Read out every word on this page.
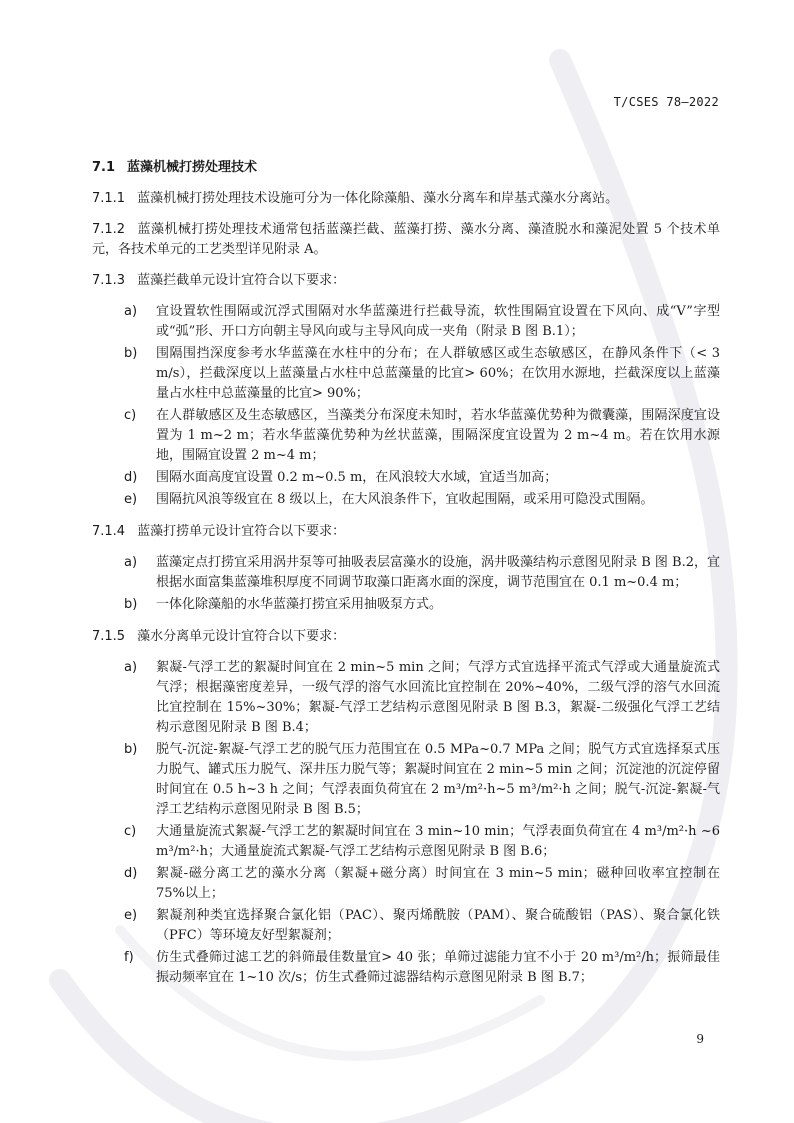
T/CSES 78—2022
7.1 蓝藻机械打捞处理技术

7.1.1 蓝藻机械打捞处理技术设施可分为一体化除藻船、藻水分离车和岸基式藻水分离站。

7.1.2 蓝藻机械打捞处理技术通常包括蓝藻拦截、蓝藻打捞、藻水分离、藻渣脱水和藻泥处置 5 个技术单元，各技术单元的工艺类型详见附录 A。

7.1.3 蓝藻拦截单元设计宜符合以下要求：

a) 宜设置软性围隔或沉浮式围隔对水华蓝藻进行拦截导流，软性围隔宜设置在下风向、成“V”字型或“弧”形、开口方向朝主导风向或与主导风向成一夹角（附录 B 图 B.1）；
b) 围隔围挡深度参考水华蓝藻在水柱中的分布；在人群敏感区或生态敏感区，在静风条件下（< 3 m/s），拦截深度以上蓝藻量占水柱中总蓝藻量的比宜> 60%；在饮用水源地，拦截深度以上蓝藻量占水柱中总蓝藻量的比宜> 90%；
c) 在人群敏感区及生态敏感区，当藻类分布深度未知时，若水华蓝藻优势种为微囊藻，围隔深度宜设置为 1 m~2 m；若水华蓝藻优势种为丝状蓝藻，围隔深度宜设置为 2 m~4 m。若在饮用水源地，围隔宜设置 2 m~4 m；
d) 围隔水面高度宜设置 0.2 m~0.5 m，在风浪较大水域，宜适当加高；
e) 围隔抗风浪等级宜在 8 级以上，在大风浪条件下，宜收起围隔，或采用可隐没式围隔。

7.1.4 蓝藻打捞单元设计宜符合以下要求：

a) 蓝藻定点打捞宜采用涡井泵等可抽吸表层富藻水的设施，涡井吸藻结构示意图见附录 B 图 B.2，宜根据水面富集蓝藻堆积厚度不同调节取藻口距离水面的深度，调节范围宜在 0.1 m~0.4 m；
b) 一体化除藻船的水华蓝藻打捞宜采用抽吸泵方式。

7.1.5 藻水分离单元设计宜符合以下要求：

a) 絮凝-气浮工艺的絮凝时间宜在 2 min~5 min 之间；气浮方式宜选择平流式气浮或大通量旋流式气浮；根据藻密度差异，一级气浮的溶气水回流比宜控制在 20%~40%，二级气浮的溶气水回流比宜控制在 15%~30%；絮凝-气浮工艺结构示意图见附录 B 图 B.3，絮凝-二级强化气浮工艺结构示意图见附录 B 图 B.4；
b) 脱气-沉淀-絮凝-气浮工艺的脱气压力范围宜在 0.5 MPa~0.7 MPa 之间；脱气方式宜选择泵式压力脱气、罐式压力脱气、深井压力脱气等；絮凝时间宜在 2 min~5 min 之间；沉淀池的沉淀停留时间宜在 0.5 h~3 h 之间；气浮表面负荷宜在 2 m³/m²·h~5 m³/m²·h 之间；脱气-沉淀-絮凝-气浮工艺结构示意图见附录 B 图 B.5；
c) 大通量旋流式絮凝-气浮工艺的絮凝时间宜在 3 min~10 min；气浮表面负荷宜在 4 m³/m²·h ~6 m³/m²·h；大通量旋流式絮凝-气浮工艺结构示意图见附录 B 图 B.6；
d) 絮凝-磁分离工艺的藻水分离（絮凝+磁分离）时间宜在 3 min~5 min；磁种回收率宜控制在 75%以上；
e) 絮凝剂种类宜选择聚合氯化铝（PAC）、聚丙烯酰胺（PAM）、聚合硫酸铝（PAS）、聚合氯化铁（PFC）等环境友好型絮凝剂；
f) 仿生式叠筛过滤工艺的斜筛最佳数量宜> 40 张；单筛过滤能力宜不小于 20 m³/m²/h；振筛最佳振动频率宜在 1~10 次/s；仿生式叠筛过滤器结构示意图见附录 B 图 B.7；
9
